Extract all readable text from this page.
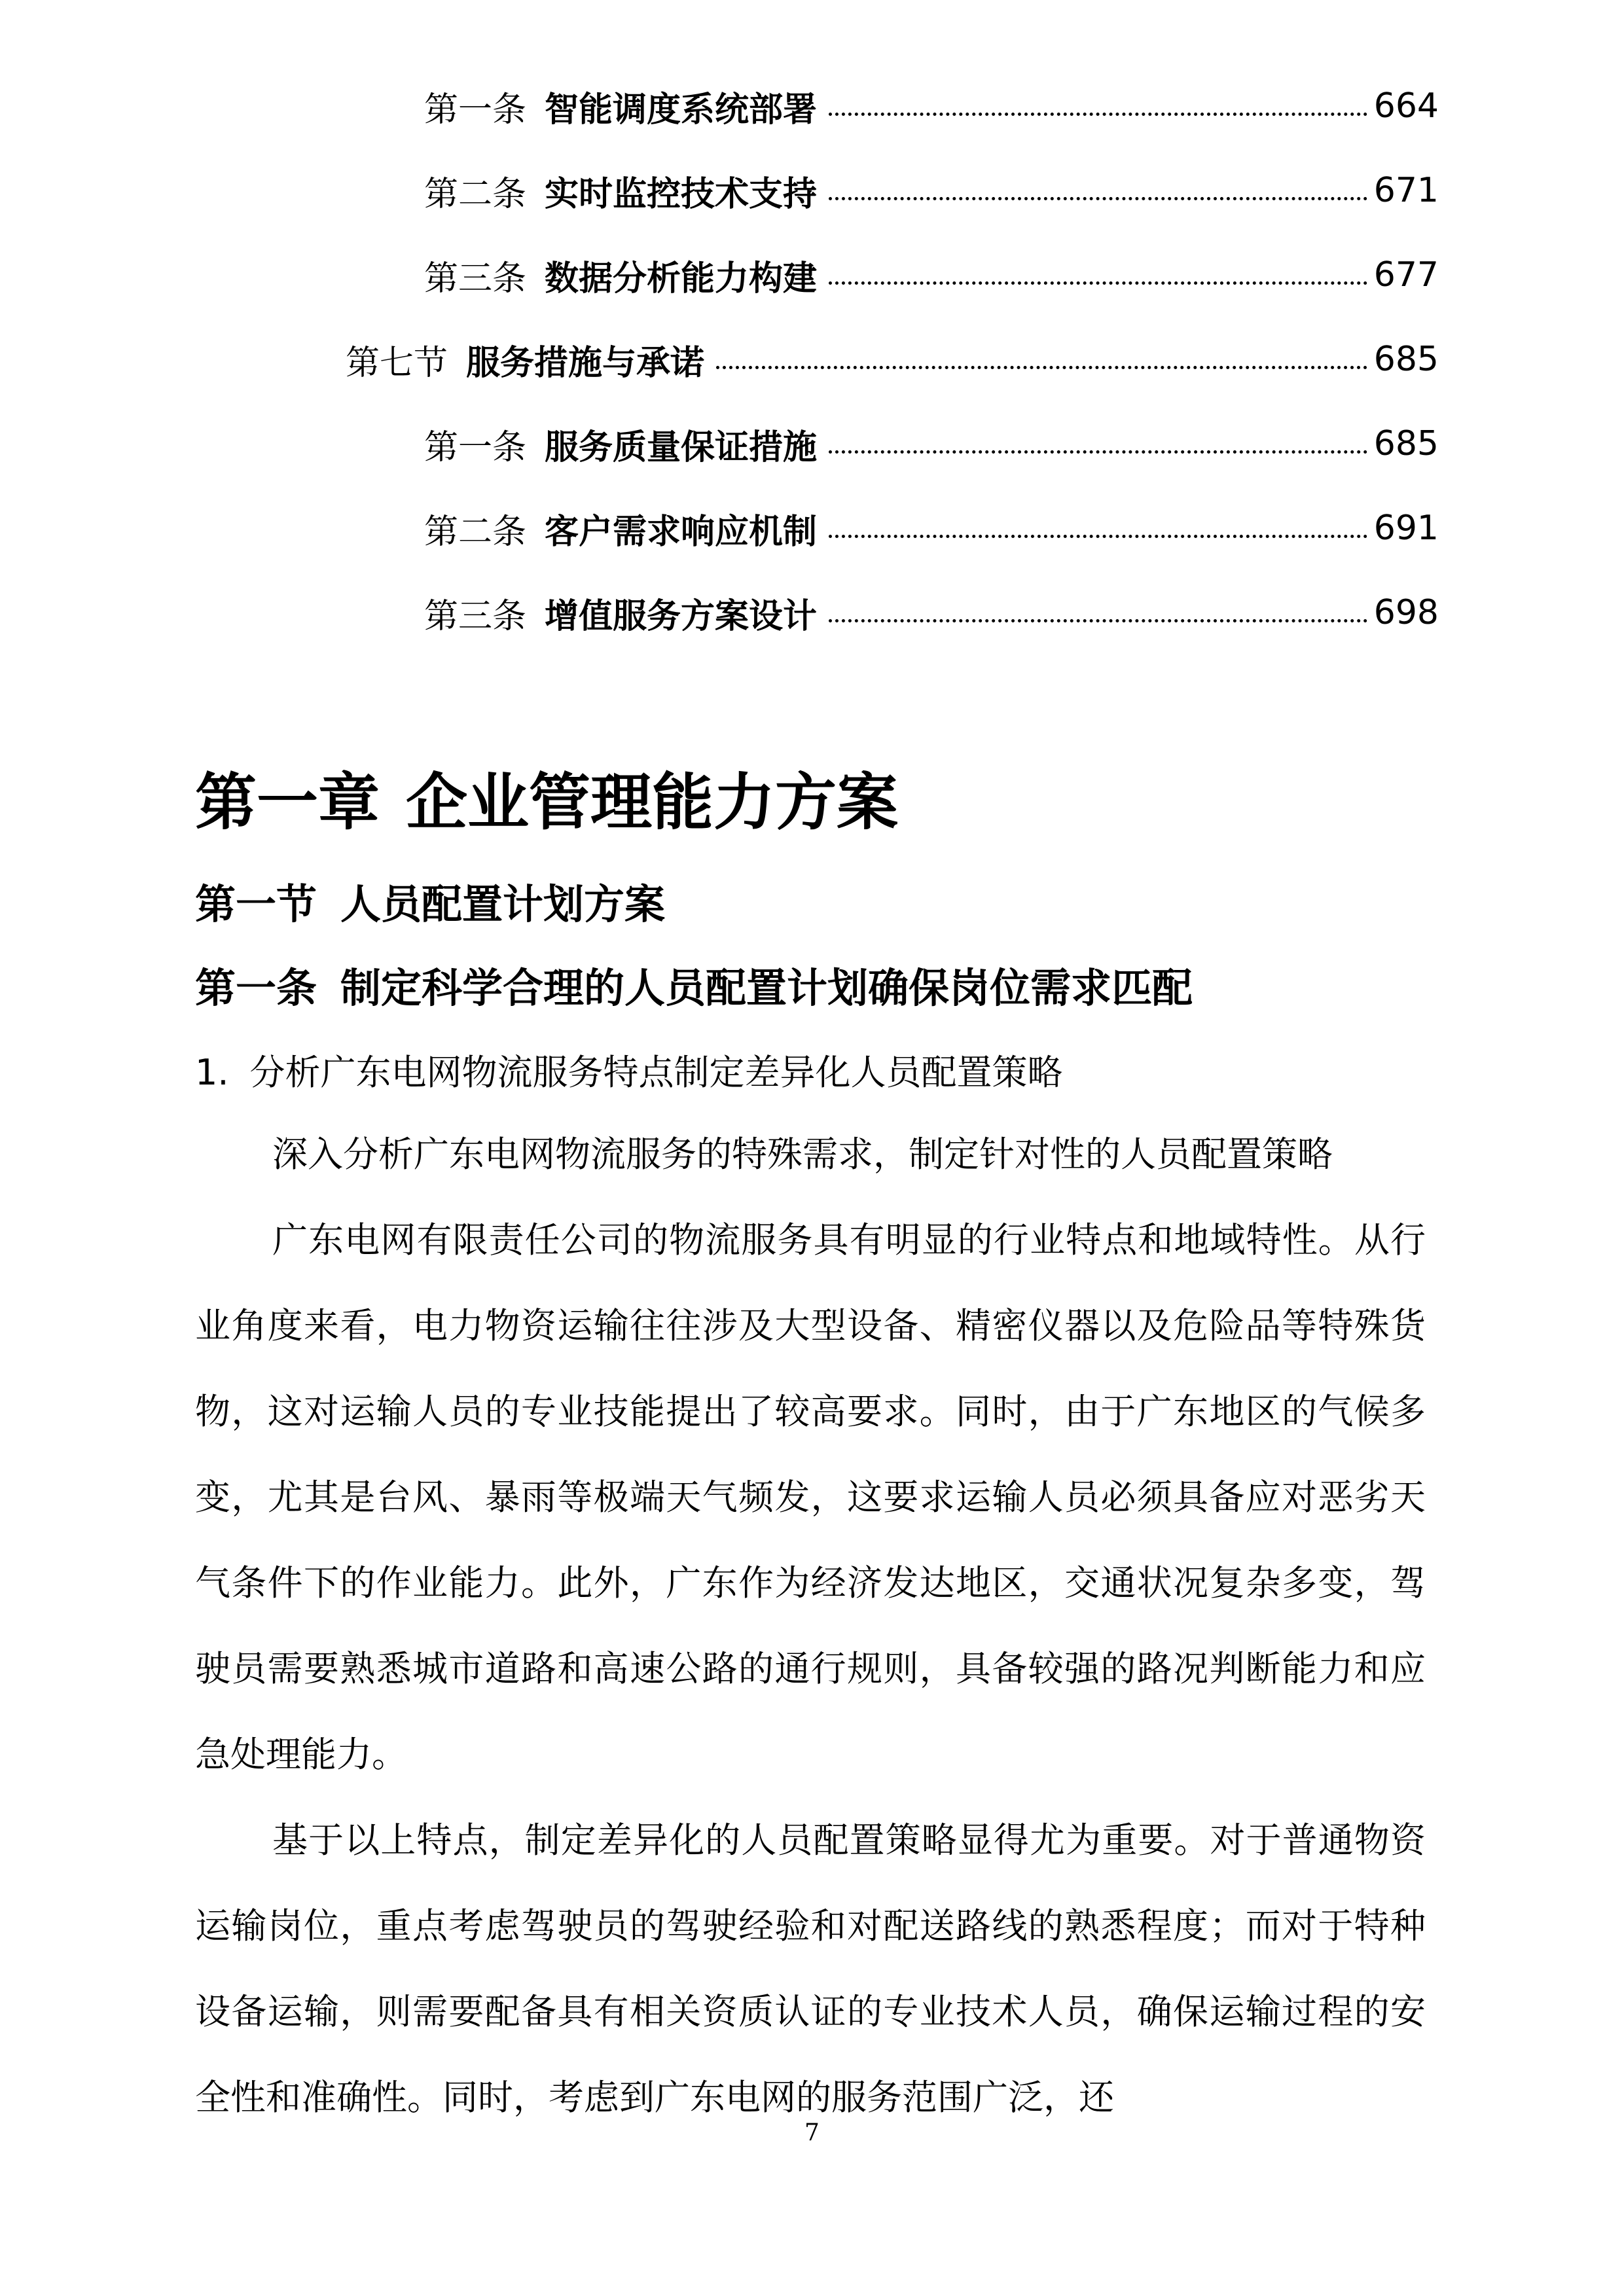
第一条 智能调度系统部署	664
第二条 实时监控技术支持	671
第三条 数据分析能力构建	677
第七节 服务措施与承诺	685
第一条 服务质量保证措施	685
第二条 客户需求响应机制	691
第三条 增值服务方案设计	698
第一章 企业管理能力方案
第一节 人员配置计划方案
第一条 制定科学合理的人员配置计划确保岗位需求匹配
1. 分析广东电网物流服务特点制定差异化人员配置策略

深入分析广东电网物流服务的特殊需求，制定针对性的人员配置策略

广东电网有限责任公司的物流服务具有明显的行业特点和地域特性。从行业角度来看，电力物资运输往往涉及大型设备、精密仪器以及危险品等特殊货物，这对运输人员的专业技能提出了较高要求。同时，由于广东地区的气候多变，尤其是台风、暴雨等极端天气频发，这要求运输人员必须具备应对恶劣天气条件下的作业能力。此外，广东作为经济发达地区，交通状况复杂多变，驾驶员需要熟悉城市道路和高速公路的通行规则，具备较强的路况判断能力和应急处理能力。

基于以上特点，制定差异化的人员配置策略显得尤为重要。对于普通物资运输岗位，重点考虑驾驶员的驾驶经验和对配送路线的熟悉程度；而对于特种设备运输，则需要配备具有相关资质认证的专业技术人员，确保运输过程的安全性和准确性。同时，考虑到广东电网的服务范围广泛，还

7
